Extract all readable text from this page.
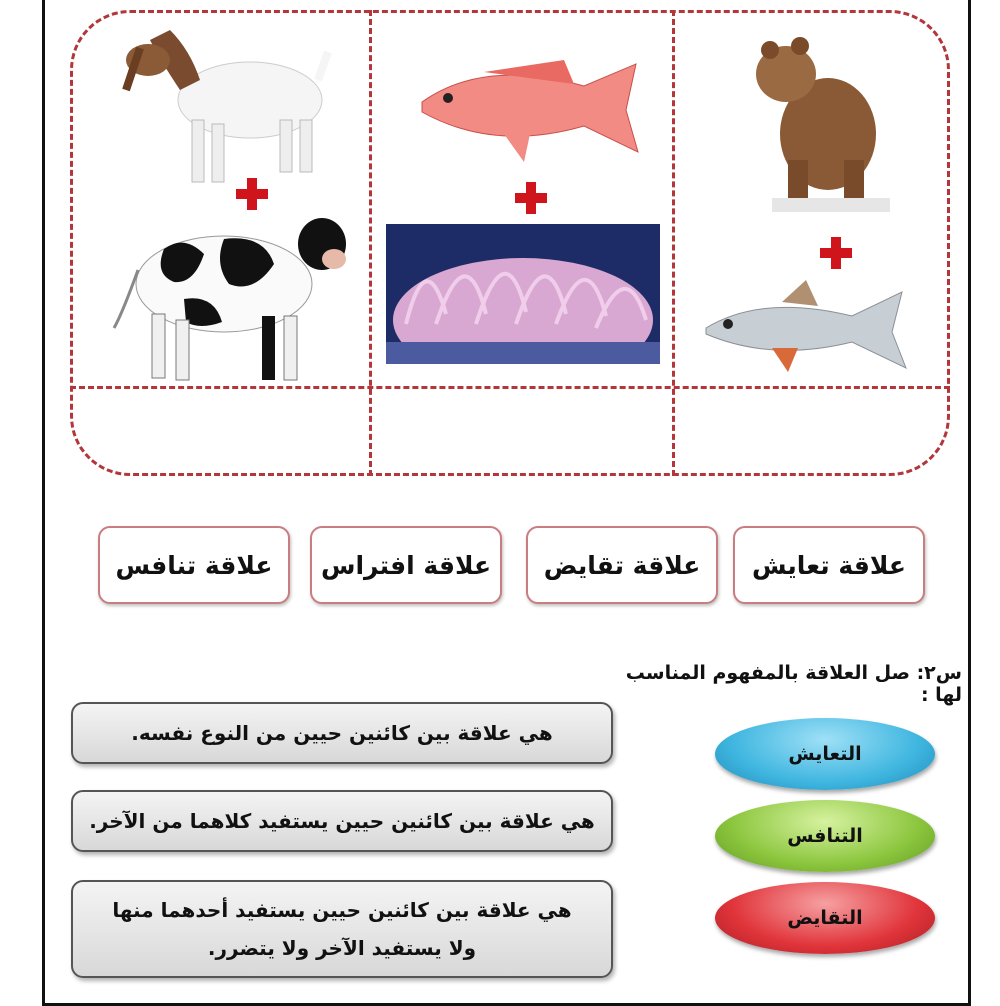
علاقة تعايش
علاقة تقايض
علاقة افتراس
علاقة تنافس
س٢: صل العلاقة بالمفهوم المناسب لها :
هي علاقة بين كائنين حيين من النوع نفسه.
هي علاقة بين كائنين حيين يستفيد كلاهما من الآخر.
هي علاقة بين كائنين حيين يستفيد أحدهما منها ولا يستفيد الآخر ولا يتضرر.
التعايش
التنافس
التقايض
